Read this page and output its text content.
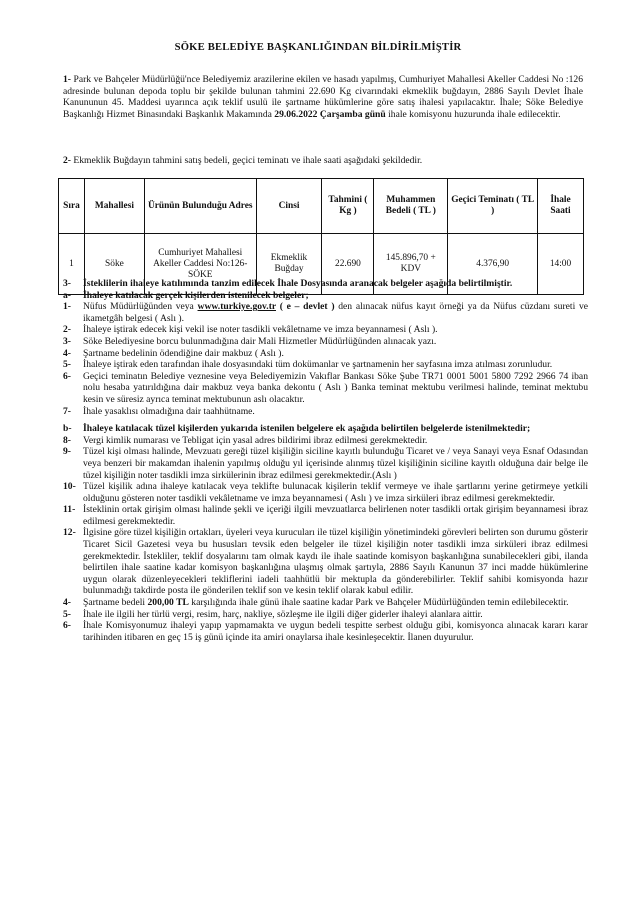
SÖKE BELEDİYE BAŞKANLIĞINDAN BİLDİRİLMİŞTİR
1- Park ve Bahçeler Müdürlüğü'nce Belediyemiz arazilerine ekilen ve hasadı yapılmış, Cumhuriyet Mahallesi Akeller Caddesi No :126 adresinde bulunan depoda toplu bir şekilde bulunan tahmini 22.690 Kg civarındaki ekmeklik buğdayın, 2886 Sayılı Devlet İhale Kanununun 45. Maddesi uyarınca açık teklif usulü ile şartname hükümlerine göre satış ihalesi yapılacaktır. İhale; Söke Belediye Başkanlığı Hizmet Binasındaki Başkanlık Makamında 29.06.2022 Çarşamba günü ihale komisyonu huzurunda ihale edilecektir.
2- Ekmeklik Buğdayın tahmini satış bedeli, geçici teminatı ve ihale saati aşağıdaki şekildedir.
Sıra	Mahallesi	Ürünün Bulunduğu Adres	Cinsi	Tahmini ( Kg )	Muhammen Bedeli ( TL )	Geçici Teminatı ( TL )	İhale Saati
1	Söke	Cumhuriyet Mahallesi Akeller Caddesi No:126-SÖKE	Ekmeklik Buğday	22.690	145.896,70 + KDV	4.376,90	14:00
3-	İsteklilerin ihaleye katılımında tanzim edilecek İhale Dosyasında aranacak belgeler aşağıda belirtilmiştir.
a-	İhaleye katılacak gerçek kişilerden istenilecek belgeler;
1-	Nüfus Müdürlüğünden veya www.turkiye.gov.tr ( e – devlet ) den alınacak nüfus kayıt örneği ya da Nüfus cüzdanı sureti ve ikametgâh belgesi ( Aslı ).
2-	İhaleye iştirak edecek kişi vekil ise noter tasdikli vekâletname ve imza beyannamesi ( Aslı ).
3-	Söke Belediyesine borcu bulunmadığına dair Mali Hizmetler Müdürlüğünden alınacak yazı.
4-	Şartname bedelinin ödendiğine dair makbuz ( Aslı ).
5-	İhaleye iştirak eden tarafından ihale dosyasındaki tüm dokümanlar ve şartnamenin her sayfasına imza atılması zorunludur.
6-	Geçici teminatın Belediye veznesine veya Belediyemizin Vakıflar Bankası Söke Şube TR71 0001 5001 5800 7292 2966 74 iban nolu hesaba yatırıldığına dair makbuz veya banka dekontu ( Aslı ) Banka teminat mektubu verilmesi halinde, teminat mektubu kesin ve süresiz ayrıca teminat mektubunun aslı olacaktır.
7-	İhale yasaklısı olmadığına dair taahhütname.
b-	İhaleye katılacak tüzel kişilerden yukarıda istenilen belgelere ek aşağıda belirtilen belgelerde istenilmektedir;
8-	Vergi kimlik numarası ve Tebligat için yasal adres bildirimi ibraz edilmesi gerekmektedir.
9-	Tüzel kişi olması halinde, Mevzuatı gereği tüzel kişiliğin siciline kayıtlı bulunduğu Ticaret ve / veya Sanayi veya Esnaf Odasından veya benzeri bir makamdan ihalenin yapılmış olduğu yıl içerisinde alınmış tüzel kişiliğinin siciline kayıtlı olduğuna dair belge ile tüzel kişiliğin noter tasdikli imza sirkülerinin ibraz edilmesi gerekmektedir.(Aslı )
10- Tüzel kişilik adına ihaleye katılacak veya teklifte bulunacak kişilerin teklif vermeye ve ihale şartlarını yerine getirmeye yetkili olduğunu gösteren noter tasdikli vekâletname ve imza beyannamesi ( Aslı ) ve imza sirküleri ibraz edilmesi gerekmektedir.
11- İsteklinin ortak girişim olması halinde şekli ve içeriği ilgili mevzuatlarca belirlenen noter tasdikli ortak girişim beyannamesi ibraz edilmesi gerekmektedir.
12- İlgisine göre tüzel kişiliğin ortakları, üyeleri veya kurucuları ile tüzel kişiliğin yönetimindeki görevleri belirten son durumu gösterir Ticaret Sicil Gazetesi veya bu hususları tevsik eden belgeler ile tüzel kişiliğin noter tasdikli imza sirküleri ibraz edilmesi gerekmektedir. İstekliler, teklif dosyalarını tam olmak kaydı ile ihale saatinde komisyon başkanlığına sunabilecekleri gibi, ilanda belirtilen ihale saatine kadar komisyon başkanlığına ulaşmış olmak şartıyla, 2886 Sayılı Kanunun 37 inci madde hükümlerine uygun olarak düzenleyecekleri tekliflerini iadeli taahhütlü bir mektupla da gönderebilirler. Teklif sahibi komisyonda hazır bulunmadığı takdirde posta ile gönderilen teklif son ve kesin teklif olarak kabul edilir.
4-	Şartname bedeli 200,00 TL karşılığında ihale günü ihale saatine kadar Park ve Bahçeler Müdürlüğünden temin edilebilecektir.
5-	İhale ile ilgili her türlü vergi, resim, harç, nakliye, sözleşme ile ilgili diğer giderler ihaleyi alanlara aittir.
6-	İhale Komisyonumuz ihaleyi yapıp yapmamakta ve uygun bedeli tespitte serbest olduğu gibi, komisyonca alınacak kararı karar tarihinden itibaren en geç 15 iş günü içinde ita amiri onaylarsa ihale kesinleşecektir. İlanen duyurulur.
